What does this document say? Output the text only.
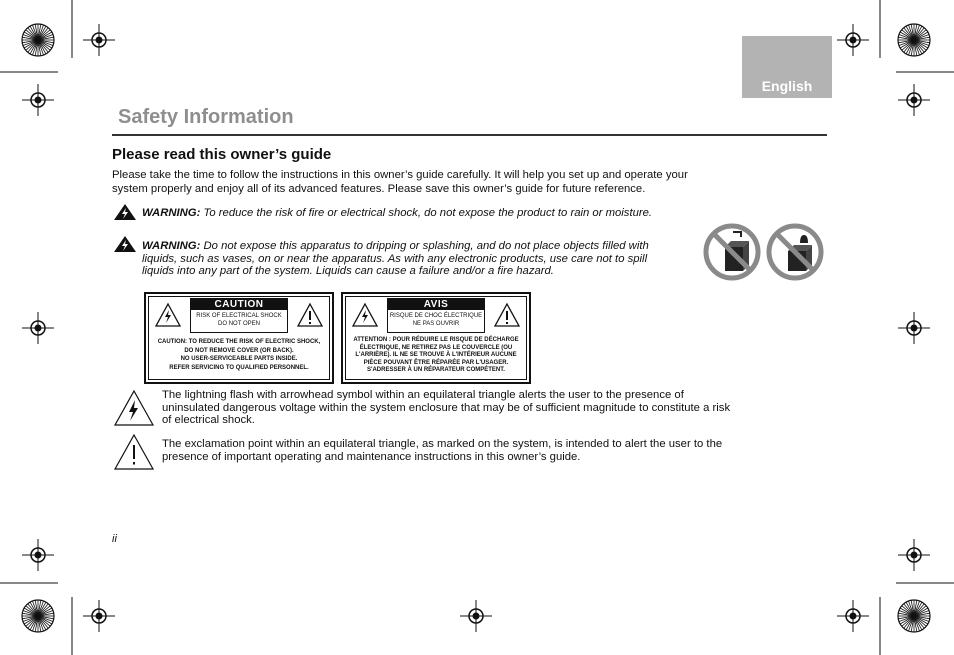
English
Safety Information
Please read this owner’s guide
Please take the time to follow the instructions in this owner’s guide carefully. It will help you set up and operate your
system properly and enjoy all of its advanced features. Please save this owner’s guide for future reference.
WARNING: To reduce the risk of fire or electrical shock, do not expose the product to rain or moisture.
WARNING: Do not expose this apparatus to dripping or splashing, and do not place objects filled with
liquids, such as vases, on or near the apparatus. As with any electronic products, use care not to spill
liquids into any part of the system. Liquids can cause a failure and/or a fire hazard.
CAUTION
RISK OF ELECTRICAL SHOCK
DO NOT OPEN
CAUTION: TO REDUCE THE RISK OF ELECTRIC SHOCK,
DO NOT REMOVE COVER (OR BACK).
NO USER-SERVICEABLE PARTS INSIDE.
REFER SERVICING TO QUALIFIED PERSONNEL.
AVIS
RISQUE DE CHOC ÉLECTRIQUE
NE PAS OUVRIR
ATTENTION : POUR RÉDUIRE LE RISQUE DE DÉCHARGE
ÉLECTRIQUE, NE RETIREZ PAS LE COUVERCLE (OU
L'ARRIÈRE). IL NE SE TROUVE À L'INTÉRIEUR AUCUNE
PIÈCE POUVANT ÊTRE RÉPARÉE PAR L'USAGER.
S'ADRESSER À UN RÉPARATEUR COMPÉTENT.
The lightning flash with arrowhead symbol within an equilateral triangle alerts the user to the presence of
uninsulated dangerous voltage within the system enclosure that may be of sufficient magnitude to constitute a risk
of electrical shock.
The exclamation point within an equilateral triangle, as marked on the system, is intended to alert the user to the
presence of important operating and maintenance instructions in this owner’s guide.
ii
